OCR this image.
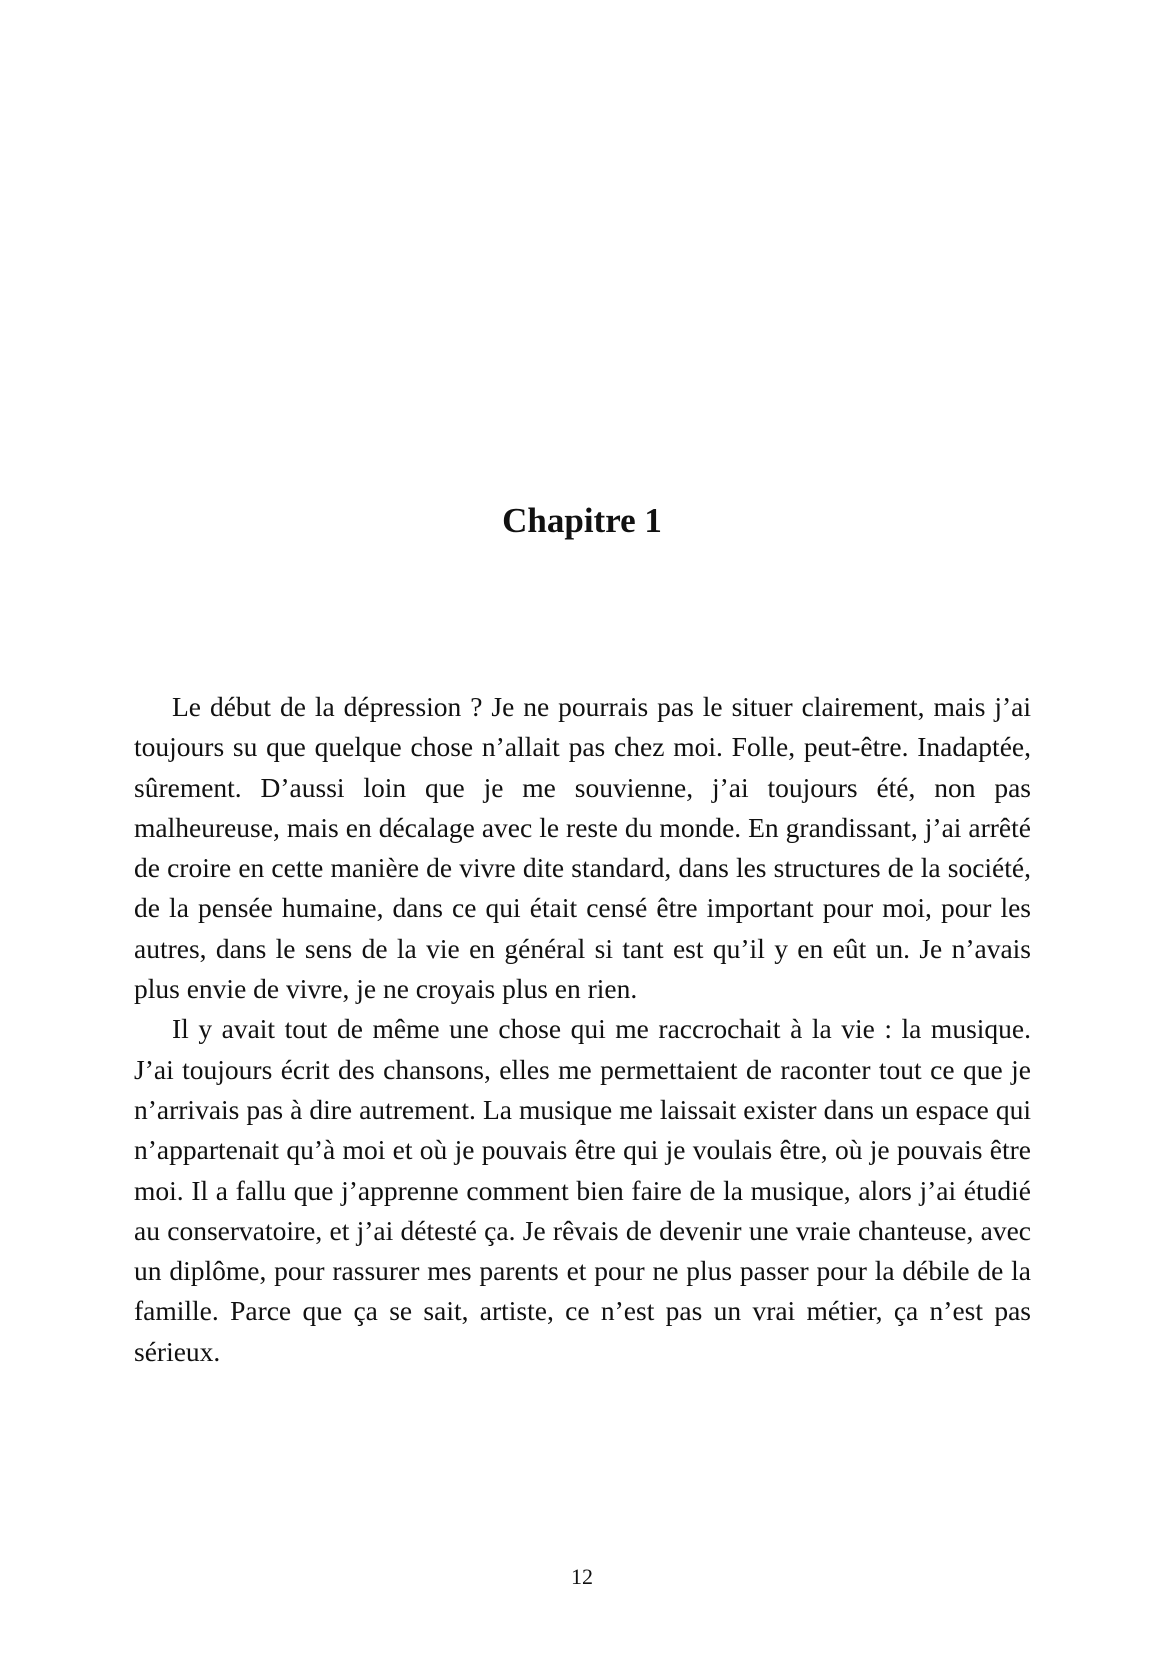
Chapitre 1

Le début de la dépression ? Je ne pourrais pas le situer clairement, mais j’ai toujours su que quelque chose n’allait pas chez moi. Folle, peut-être. Inadaptée, sûrement. D’aussi loin que je me souvienne, j’ai toujours été, non pas malheureuse, mais en décalage avec le reste du monde. En grandissant, j’ai arrêté de croire en cette manière de vivre dite standard, dans les structures de la société, de la pensée humaine, dans ce qui était censé être important pour moi, pour les autres, dans le sens de la vie en général si tant est qu’il y en eût un. Je n’avais plus envie de vivre, je ne croyais plus en rien.

Il y avait tout de même une chose qui me raccrochait à la vie : la musique. J’ai toujours écrit des chansons, elles me permettaient de raconter tout ce que je n’arrivais pas à dire autrement. La musique me laissait exister dans un espace qui n’appartenait qu’à moi et où je pouvais être qui je voulais être, où je pouvais être moi. Il a fallu que j’apprenne comment bien faire de la musique, alors j’ai étudié au conservatoire, et j’ai détesté ça. Je rêvais de devenir une vraie chanteuse, avec un diplôme, pour rassurer mes parents et pour ne plus passer pour la débile de la famille. Parce que ça se sait, artiste, ce n’est pas un vrai métier, ça n’est pas sérieux.

12
